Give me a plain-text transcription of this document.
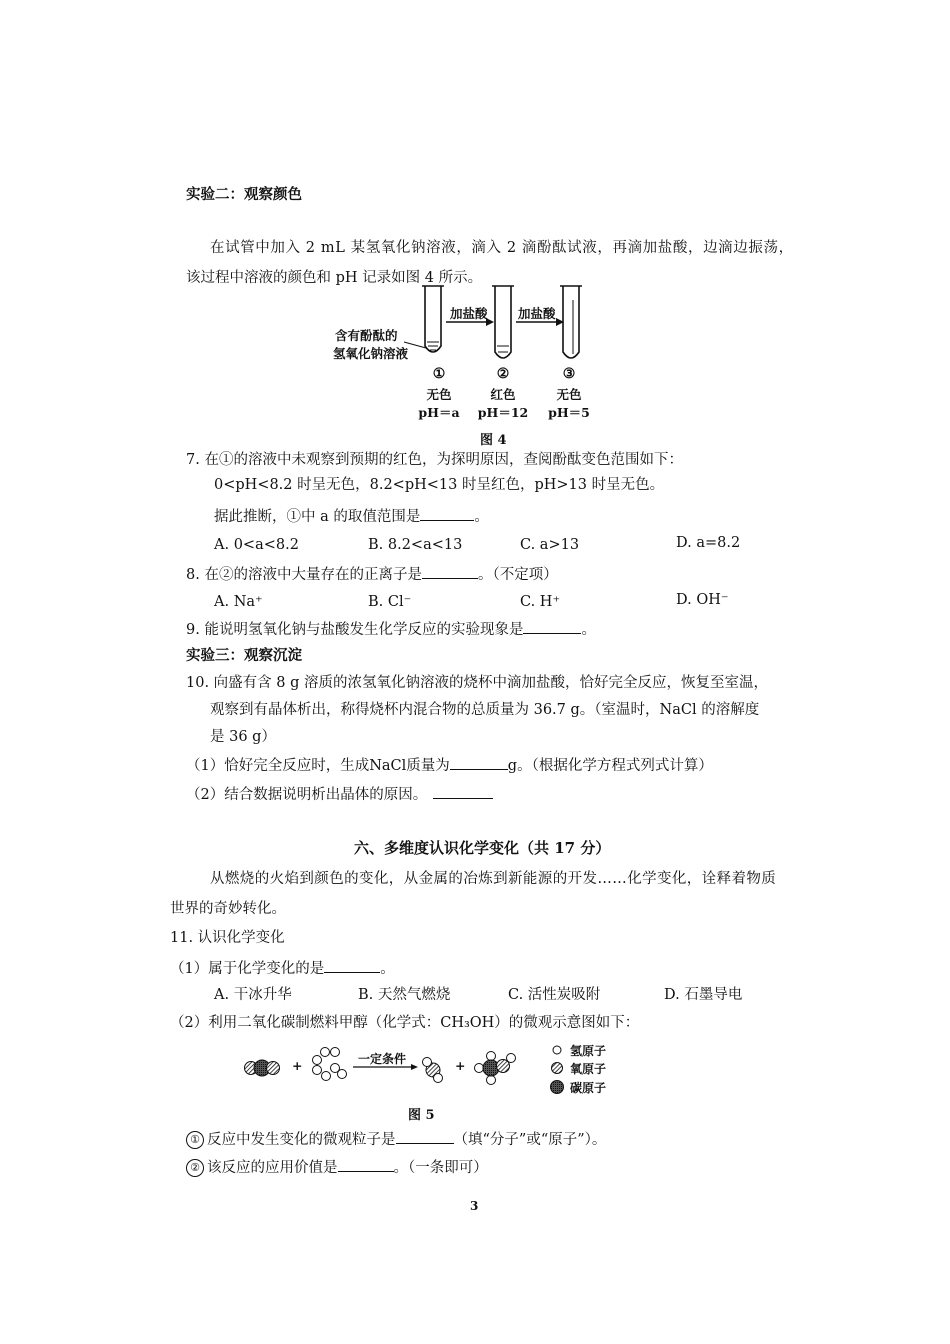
实验二：观察颜色
在试管中加入 2 mL 某氢氧化钠溶液，滴入 2 滴酚酞试液，再滴加盐酸，边滴边振荡，
该过程中溶液的颜色和 pH 记录如图 4 所示。
含有酚酞的
氢氧化钠溶液
加盐酸 加盐酸
①
无色
pH＝a
②
红色
pH＝12
③
无色
pH＝5
图 4
7. 在①的溶液中未观察到预期的红色，为探明原因，查阅酚酞变色范围如下：
0<pH<8.2 时呈无色，8.2<pH<13 时呈红色，pH>13 时呈无色。
据此推断，①中 a 的取值范围是	。
A. 0<a<8.2	B. 8.2<a<13	C. a>13	D. a=8.2
8. 在②的溶液中大量存在的正离子是	。（不定项）
A. Na⁺	B. Cl⁻	C. H⁺	D. OH⁻
9. 能说明氢氧化钠与盐酸发生化学反应的实验现象是	。
实验三：观察沉淀
10. 向盛有含 8 g 溶质的浓氢氧化钠溶液的烧杯中滴加盐酸，恰好完全反应，恢复至室温，
观察到有晶体析出，称得烧杯内混合物的总质量为 36.7 g。（室温时，NaCl 的溶解度
是 36 g）
（1）恰好完全反应时，生成NaCl质量为	g。（根据化学方程式列式计算）
（2）结合数据说明析出晶体的原因。
六、多维度认识化学变化（共 17 分）
从燃烧的火焰到颜色的变化，从金属的冶炼到新能源的开发……化学变化，诠释着物质
世界的奇妙转化。
11. 认识化学变化
（1）属于化学变化的是	。
A. 干冰升华	B. 天然气燃烧	C. 活性炭吸附	D. 石墨导电
（2）利用二氧化碳制燃料甲醇（化学式：CH₃OH）的微观示意图如下：
+	+
一定条件
氢原子
氧原子
碳原子
图 5
① 反应中发生变化的微观粒子是	（填“分子”或“原子”）。
② 该反应的应用价值是	。（一条即可）
3
